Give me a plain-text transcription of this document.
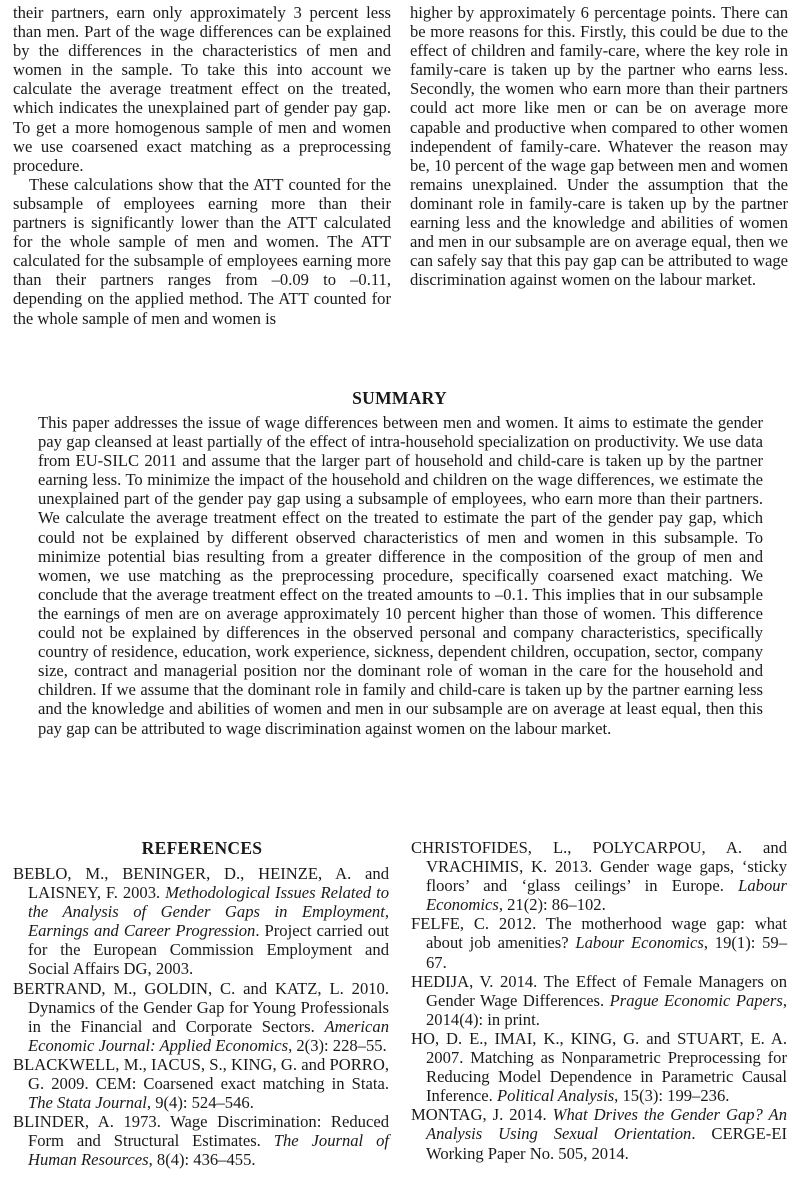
their partners, earn only approximately 3 percent less than men. Part of the wage differences can be explained by the differences in the characteristics of men and women in the sample. To take this into account we calculate the average treatment effect on the treated, which indicates the unexplained part of gender pay gap. To get a more homogenous sample of men and women we use coarsened exact matching as a preprocessing procedure.

These calculations show that the ATT counted for the subsample of employees earning more than their partners is significantly lower than the ATT calculated for the whole sample of men and women. The ATT calculated for the subsample of employees earning more than their partners ranges from –0.09 to –0.11, depending on the applied method. The ATT counted for the whole sample of men and women is

higher by approximately 6 percentage points. There can be more reasons for this. Firstly, this could be due to the effect of children and family-care, where the key role in family-care is taken up by the partner who earns less. Secondly, the women who earn more than their partners could act more like men or can be on average more capable and productive when compared to other women independent of family-care. Whatever the reason may be, 10 percent of the wage gap between men and women remains unexplained. Under the assumption that the dominant role in family-care is taken up by the partner earning less and the knowledge and abilities of women and men in our subsample are on average equal, then we can safely say that this pay gap can be attributed to wage discrimination against women on the labour market.

SUMMARY
This paper addresses the issue of wage differences between men and women. It aims to estimate the gender pay gap cleansed at least partially of the effect of intra-household specialization on productivity. We use data from EU-SILC 2011 and assume that the larger part of household and child-care is taken up by the partner earning less. To minimize the impact of the household and children on the wage differences, we estimate the unexplained part of the gender pay gap using a subsample of employees, who earn more than their partners. We calculate the average treatment effect on the treated to estimate the part of the gender pay gap, which could not be explained by different observed characteristics of men and women in this subsample. To minimize potential bias resulting from a greater difference in the composition of the group of men and women, we use matching as the preprocessing procedure, specifically coarsened exact matching. We conclude that the average treatment effect on the treated amounts to –0.1. This implies that in our subsample the earnings of men are on average approximately 10 percent higher than those of women. This difference could not be explained by differences in the observed personal and company characteristics, specifically country of residence, education, work experience, sickness, dependent children, occupation, sector, company size, contract and managerial position nor the dominant role of woman in the care for the household and children. If we assume that the dominant role in family and child-care is taken up by the partner earning less and the knowledge and abilities of women and men in our subsample are on average at least equal, then this pay gap can be attributed to wage discrimination against women on the labour market.
REFERENCES

BEBLO, M., BENINGER, D., HEINZE, A. and LAISNEY, F. 2003. Methodological Issues Related to the Analysis of Gender Gaps in Employment, Earnings and Career Progression. Project carried out for the European Commission Employment and Social Affairs DG, 2003.

BERTRAND, M., GOLDIN, C. and KATZ, L. 2010. Dynamics of the Gender Gap for Young Professionals in the Financial and Corporate Sectors. American Economic Journal: Applied Economics, 2(3): 228–55.

BLACKWELL, M., IACUS, S., KING, G. and PORRO, G. 2009. CEM: Coarsened exact matching in Stata. The Stata Journal, 9(4): 524–546.

BLINDER, A. 1973. Wage Discrimination: Reduced Form and Structural Estimates. The Journal of Human Resources, 8(4): 436–455.

CHRISTOFIDES, L., POLYCARPOU, A. and VRACHIMIS, K. 2013. Gender wage gaps, ‘sticky floors’ and ‘glass ceilings’ in Europe. Labour Economics, 21(2): 86–102.

FELFE, C. 2012. The motherhood wage gap: what about job amenities? Labour Economics, 19(1): 59–67.

HEDIJA, V. 2014. The Effect of Female Managers on Gender Wage Differences. Prague Economic Papers, 2014(4): in print.

HO, D. E., IMAI, K., KING, G. and STUART, E. A. 2007. Matching as Nonparametric Preprocessing for Reducing Model Dependence in Parametric Causal Inference. Political Analysis, 15(3): 199–236.

MONTAG, J. 2014. What Drives the Gender Gap? An Analysis Using Sexual Orientation. CERGE-EI Working Paper No. 505, 2014.
